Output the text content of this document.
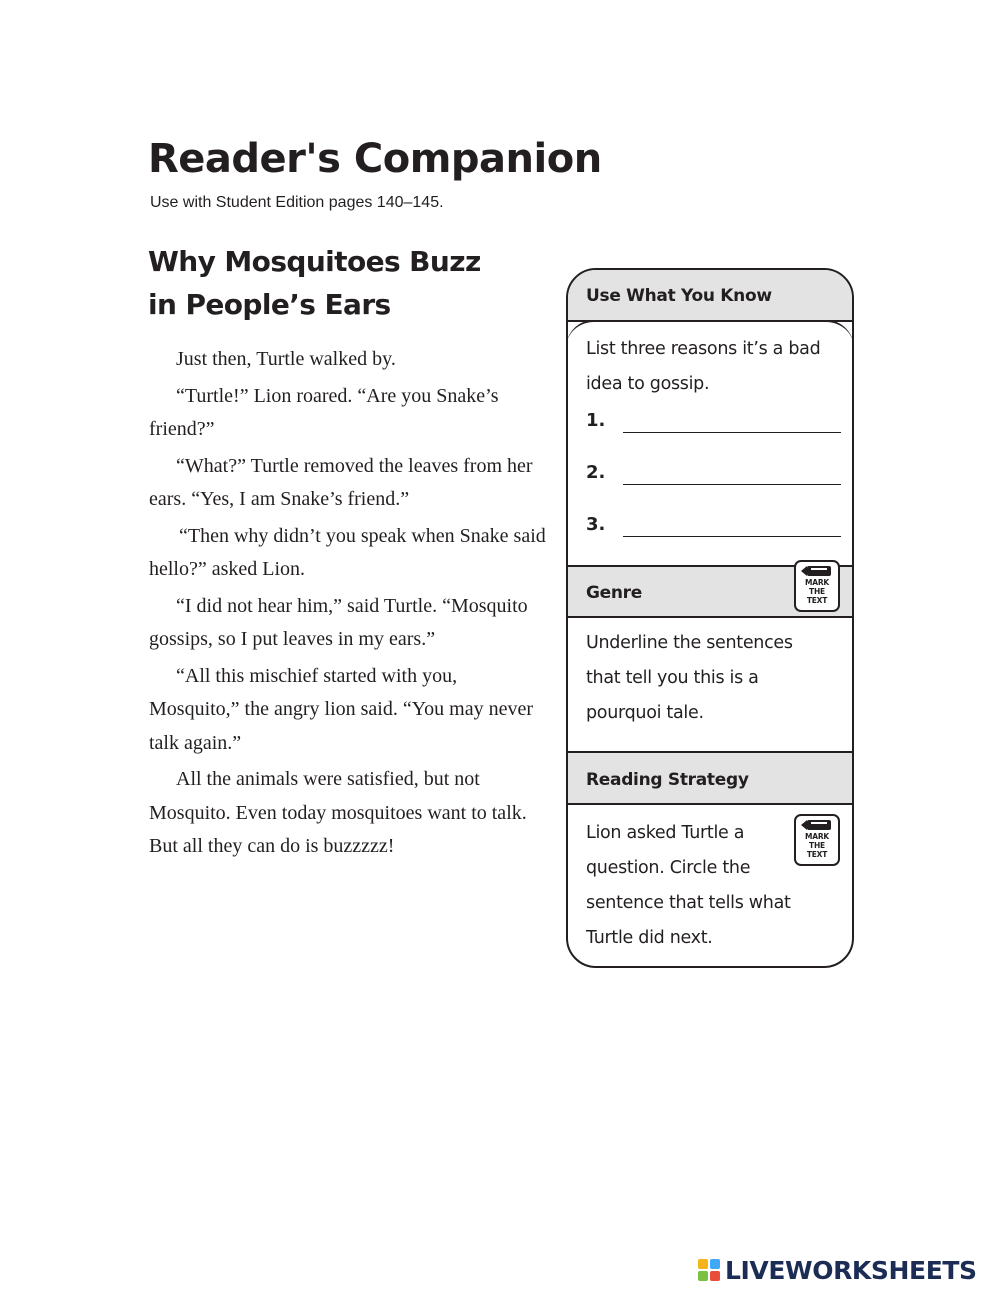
Reader's Companion

Use with Student Edition pages 140–145.

Why Mosquitoes Buzz
in People’s Ears

Just then, Turtle walked by.

“Turtle!” Lion roared. “Are you Snake’s friend?”

“What?” Turtle removed the leaves from her ears. “Yes, I am Snake’s friend.”

“Then why didn’t you speak when Snake said hello?” asked Lion.

“I did not hear him,” said Turtle. “Mosquito gossips, so I put leaves in my ears.”

“All this mischief started with you, Mosquito,” the angry lion said. “You may never talk again.”

All the animals were satisfied, but not Mosquito. Even today mosquitoes want to talk. But all they can do is buzzzzz!

Use What You Know
List three reasons it’s a bad
idea to gossip.
1.
2.
3.
Genre
MARK
THE
TEXT
Underline the sentences
that tell you this is a
pourquoi tale.
Reading Strategy
MARK
THE
TEXT
Lion asked Turtle a
question. Circle the
sentence that tells what
Turtle did next.
LIVEWORKSHEETS
